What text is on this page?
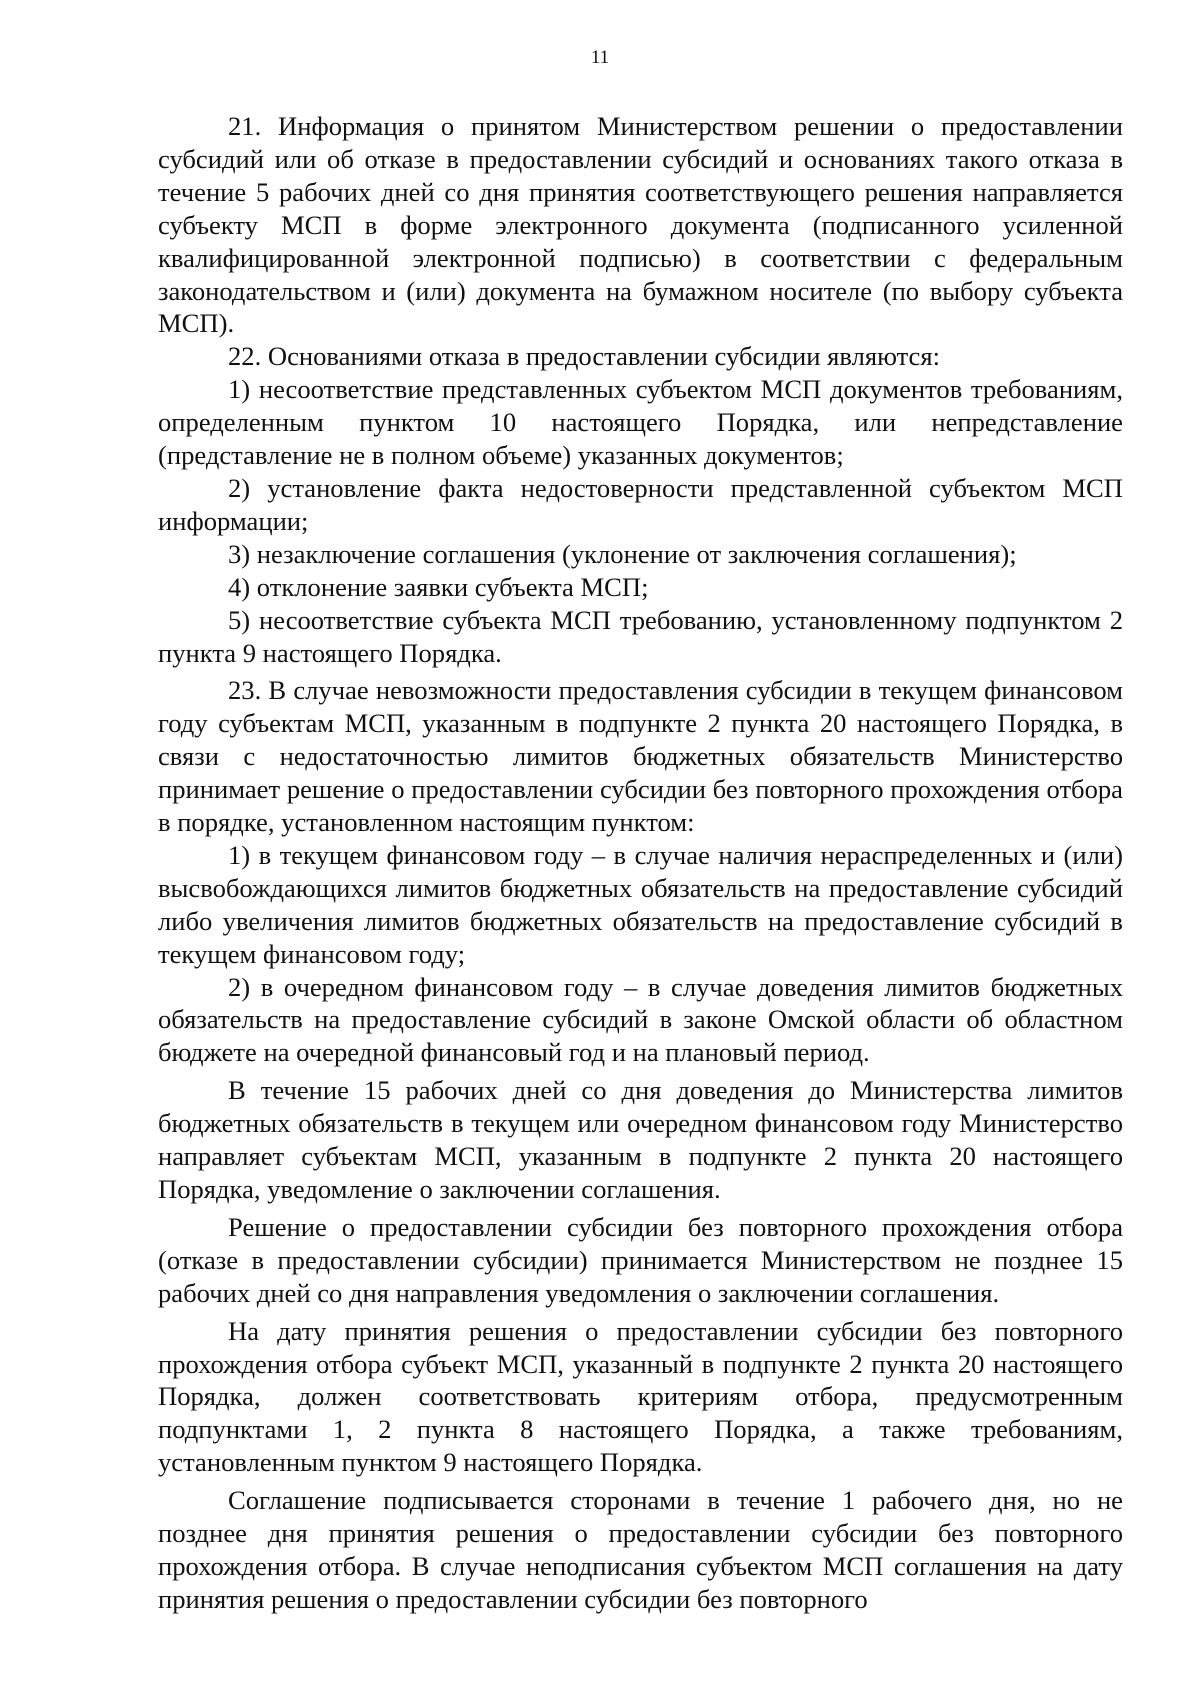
11

21. Информация о принятом Министерством решении о предоставлении субсидий или об отказе в предоставлении субсидий и основаниях такого отказа в течение 5 рабочих дней со дня принятия соответствующего решения направляется субъекту МСП в форме электронного документа (подписанного усиленной квалифицированной электронной подписью) в соответствии с федеральным законодательством и (или) документа на бумажном носителе (по выбору субъекта МСП).

22. Основаниями отказа в предоставлении субсидии являются:

1) несоответствие представленных субъектом МСП документов требованиям, определенным пунктом 10 настоящего Порядка, или непредставление (представление не в полном объеме) указанных документов;

2) установление факта недостоверности представленной субъектом МСП информации;

3) незаключение соглашения (уклонение от заключения соглашения);

4) отклонение заявки субъекта МСП;

5) несоответствие субъекта МСП требованию, установленному подпунктом 2 пункта 9 настоящего Порядка.

23. В случае невозможности предоставления субсидии в текущем финансовом году субъектам МСП, указанным в подпункте 2 пункта 20 настоящего Порядка, в связи с недостаточностью лимитов бюджетных обязательств Министерство принимает решение о предоставлении субсидии без повторного прохождения отбора в порядке, установленном настоящим пунктом:

1) в текущем финансовом году – в случае наличия нераспределенных и (или) высвобождающихся лимитов бюджетных обязательств на предоставление субсидий либо увеличения лимитов бюджетных обязательств на предоставление субсидий в текущем финансовом году;

2) в очередном финансовом году – в случае доведения лимитов бюджетных обязательств на предоставление субсидий в законе Омской области об областном бюджете на очередной финансовый год и на плановый период.

В течение 15 рабочих дней со дня доведения до Министерства лимитов бюджетных обязательств в текущем или очередном финансовом году Министерство направляет субъектам МСП, указанным в подпункте 2 пункта 20 настоящего Порядка, уведомление о заключении соглашения.

Решение о предоставлении субсидии без повторного прохождения отбора (отказе в предоставлении субсидии) принимается Министерством не позднее 15 рабочих дней со дня направления уведомления о заключении соглашения.

На дату принятия решения о предоставлении субсидии без повторного прохождения отбора субъект МСП, указанный в подпункте 2 пункта 20 настоящего Порядка, должен соответствовать критериям отбора, предусмотренным подпунктами 1, 2 пункта 8 настоящего Порядка, а также требованиям, установленным пунктом 9 настоящего Порядка.

Соглашение подписывается сторонами в течение 1 рабочего дня, но не позднее дня принятия решения о предоставлении субсидии без повторного прохождения отбора. В случае неподписания субъектом МСП соглашения на дату принятия решения о предоставлении субсидии без повторного
